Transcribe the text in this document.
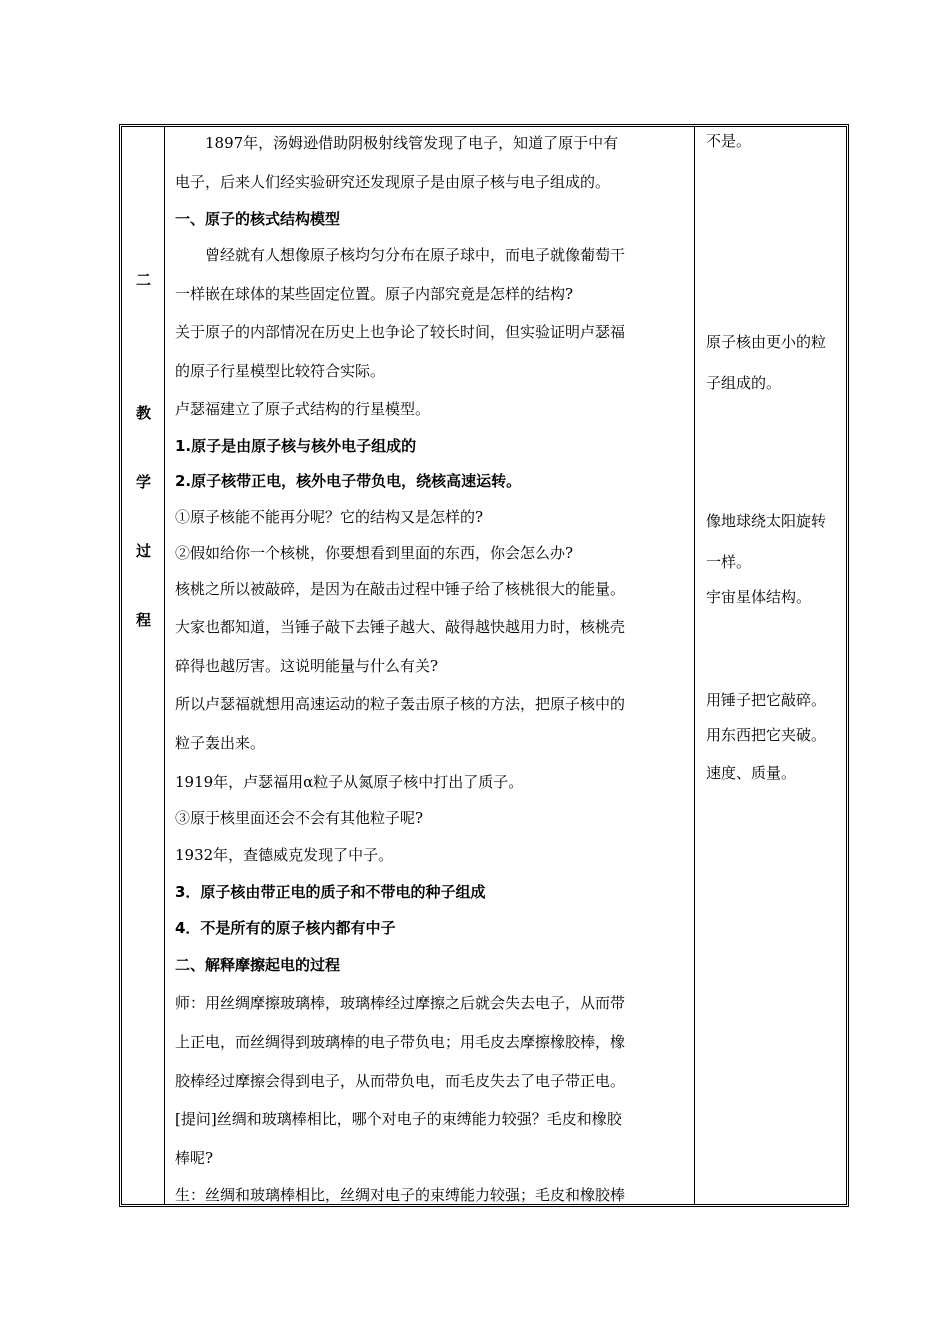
二
教
学
过
程
　　1897年，汤姆逊借助阴极射线管发现了电子，知道了原于中有
电子，后来人们经实验研究还发现原子是由原子核与电子组成的。
一、原子的核式结构模型
　　曾经就有人想像原子核均匀分布在原子球中，而电子就像葡萄干
一样嵌在球体的某些固定位置。原子内部究竟是怎样的结构?
关于原子的内部情况在历史上也争论了较长时间，但实验证明卢瑟福
的原子行星模型比较符合实际。
卢瑟福建立了原子式结构的行星模型。
1.原子是由原子核与核外电子组成的
2.原子核带正电，核外电子带负电，绕核高速运转。
①原子核能不能再分呢？它的结构又是怎样的?
②假如给你一个核桃，你要想看到里面的东西，你会怎么办?
核桃之所以被敲碎，是因为在敲击过程中锤子给了核桃很大的能量。
大家也都知道，当锤子敲下去锤子越大、敲得越快越用力时，核桃壳
碎得也越厉害。这说明能量与什么有关?
所以卢瑟福就想用高速运动的粒子轰击原子核的方法，把原子核中的
粒子轰出来。
1919年，卢瑟福用α粒子从氮原子核中打出了质子。
③原于核里面还会不会有其他粒子呢?
1932年，查德威克发现了中子。
3．原子核由带正电的质子和不带电的种子组成
4．不是所有的原子核内都有中子
二、解释摩擦起电的过程
师：用丝绸摩擦玻璃棒，玻璃棒经过摩擦之后就会失去电子，从而带
上正电，而丝绸得到玻璃棒的电子带负电；用毛皮去摩擦橡胶棒，橡
胶棒经过摩擦会得到电子，从而带负电，而毛皮失去了电子带正电。
[提问]丝绸和玻璃棒相比，哪个对电子的束缚能力较强？毛皮和橡胶
棒呢?
生：丝绸和玻璃棒相比，丝绸对电子的束缚能力较强；毛皮和橡胶棒
不是。
原子核由更小的粒
子组成的。
像地球绕太阳旋转
一样。
宇宙星体结构。
用锤子把它敲碎。
用东西把它夹破。
速度、质量。
